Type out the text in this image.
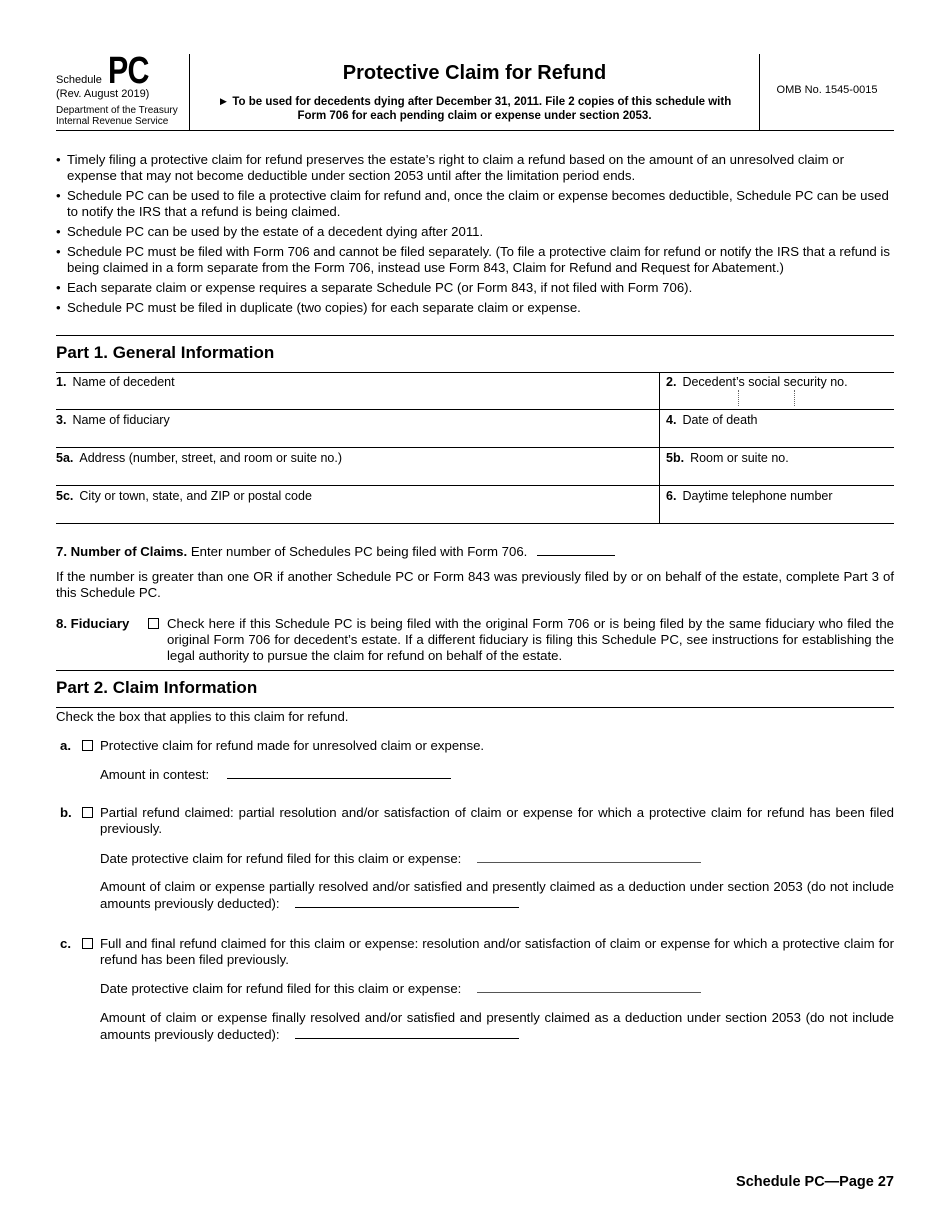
Schedule PC
(Rev. August 2019)
Department of the Treasury
Internal Revenue Service
Protective Claim for Refund
► To be used for decedents dying after December 31, 2011. File 2 copies of this schedule with
Form 706 for each pending claim or expense under section 2053.
OMB No. 1545-0015
• Timely filing a protective claim for refund preserves the estate’s right to claim a refund based on the amount of an unresolved claim or expense that may not become deductible under section 2053 until after the limitation period ends.
• Schedule PC can be used to file a protective claim for refund and, once the claim or expense becomes deductible, Schedule PC can be used to notify the IRS that a refund is being claimed.
• Schedule PC can be used by the estate of a decedent dying after 2011.
• Schedule PC must be filed with Form 706 and cannot be filed separately. (To file a protective claim for refund or notify the IRS that a refund is being claimed in a form separate from the Form 706, instead use Form 843, Claim for Refund and Request for Abatement.)
• Each separate claim or expense requires a separate Schedule PC (or Form 843, if not filed with Form 706).
• Schedule PC must be filed in duplicate (two copies) for each separate claim or expense.
Part 1. General Information
1. Name of decedent	2. Decedent’s social security no.
3. Name of fiduciary	4. Date of death
5a. Address (number, street, and room or suite no.)	5b. Room or suite no.
5c. City or town, state, and ZIP or postal code	6. Daytime telephone number
7. Number of Claims. Enter number of Schedules PC being filed with Form 706.
If the number is greater than one OR if another Schedule PC or Form 843 was previously filed by or on behalf of the estate, complete Part 3 of this Schedule PC.
8. Fiduciary	Check here if this Schedule PC is being filed with the original Form 706 or is being filed by the same fiduciary who filed the original Form 706 for decedent’s estate. If a different fiduciary is filing this Schedule PC, see instructions for establishing the legal authority to pursue the claim for refund on behalf of the estate.
Part 2. Claim Information
Check the box that applies to this claim for refund.
a. Protective claim for refund made for unresolved claim or expense.
Amount in contest:
b. Partial refund claimed: partial resolution and/or satisfaction of claim or expense for which a protective claim for refund has been filed previously.
Date protective claim for refund filed for this claim or expense:
Amount of claim or expense partially resolved and/or satisfied and presently claimed as a deduction under section 2053 (do not include amounts previously deducted):
c. Full and final refund claimed for this claim or expense: resolution and/or satisfaction of claim or expense for which a protective claim for refund has been filed previously.
Date protective claim for refund filed for this claim or expense:
Amount of claim or expense finally resolved and/or satisfied and presently claimed as a deduction under section 2053 (do not include amounts previously deducted):
Schedule PC—Page 27
